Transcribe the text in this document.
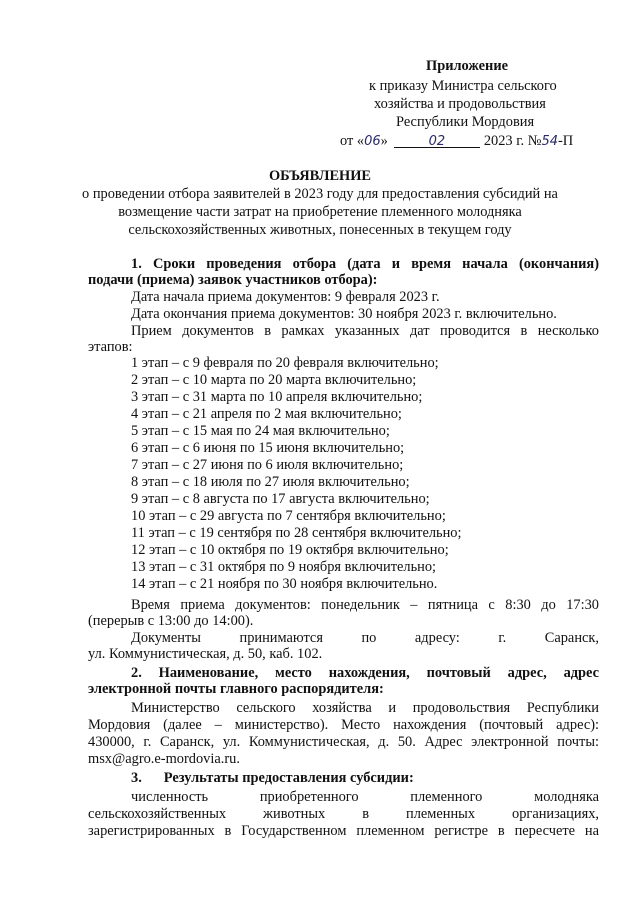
Приложение
к приказу Министра сельского
хозяйства и продовольствия
Республики Мордовия
от «06»	02	2023 г. №54-П
ОБЪЯВЛЕНИЕ
о проведении отбора заявителей в 2023 году для предоставления субсидий на
возмещение части затрат на приобретение племенного молодняка
сельскохозяйственных животных, понесенных в текущем году
1. Сроки проведения отбора (дата и время начала (окончания)
подачи (приема) заявок участников отбора):
Дата начала приема документов: 9 февраля 2023 г.
Дата окончания приема документов: 30 ноября 2023 г. включительно.
Прием документов в рамках указанных дат проводится в несколько
этапов:
1 этап – с 9 февраля по 20 февраля включительно;
2 этап – с 10 марта по 20 марта включительно;
3 этап – с 31 марта по 10 апреля включительно;
4 этап – с 21 апреля по 2 мая включительно;
5 этап – с 15 мая по 24 мая включительно;
6 этап – с 6 июня по 15 июня включительно;
7 этап – с 27 июня по 6 июля включительно;
8 этап – с 18 июля по 27 июля включительно;
9 этап – с 8 августа по 17 августа включительно;
10 этап – с 29 августа по 7 сентября включительно;
11 этап – с 19 сентября по 28 сентября включительно;
12 этап – с 10 октября по 19 октября включительно;
13 этап – с 31 октября по 9 ноября включительно;
14 этап – с 21 ноября по 30 ноября включительно.
Время приема документов: понедельник – пятница с 8:30 до 17:30
(перерыв с 13:00 до 14:00).
Документы принимаются по адресу: г. Саранск,
ул. Коммунистическая, д. 50, каб. 102.
2. Наименование, место нахождения, почтовый адрес, адрес
электронной почты главного распорядителя:
Министерство сельского хозяйства и продовольствия Республики
Мордовия (далее – министерство). Место нахождения (почтовый адрес):
430000, г. Саранск, ул. Коммунистическая, д. 50. Адрес электронной почты:
msx@agro.e-mordovia.ru.
3. Результаты предоставления субсидии:
численность приобретенного племенного молодняка
сельскохозяйственных животных в племенных организациях,
зарегистрированных в Государственном племенном регистре в пересчете на
